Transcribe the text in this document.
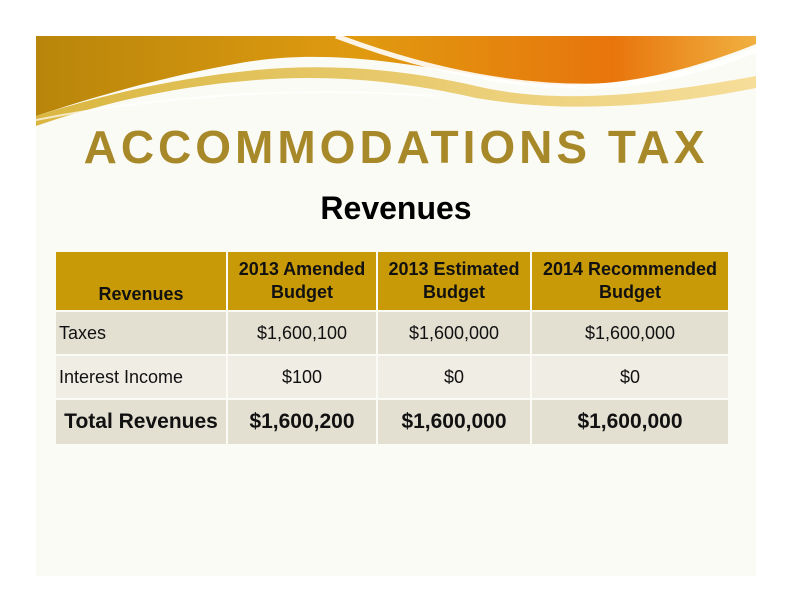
ACCOMMODATIONS TAX
Revenues
Revenues	2013 Amended Budget	2013 Estimated Budget	2014 Recommended Budget
Taxes	$1,600,100	$1,600,000	$1,600,000
Interest Income	$100	$0	$0
Total Revenues	$1,600,200	$1,600,000	$1,600,000
